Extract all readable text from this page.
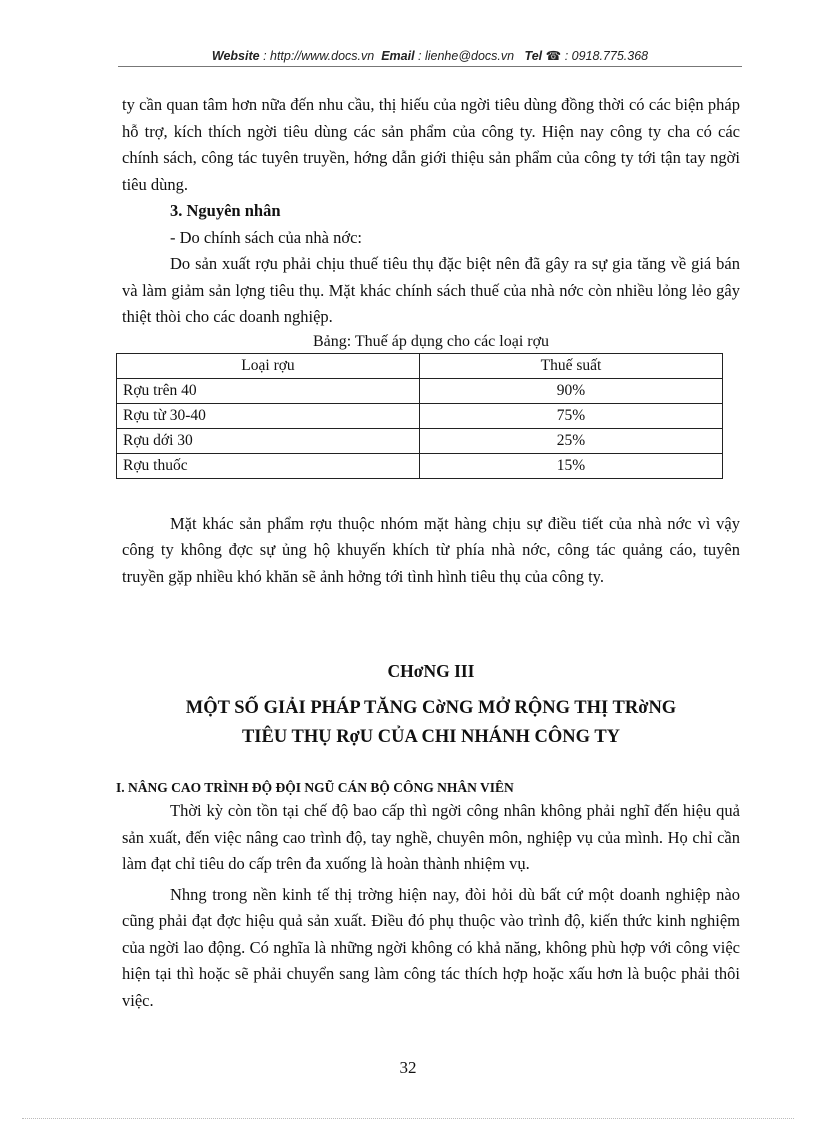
Website : http://www.docs.vn Email : lienhe@docs.vn Tel ☎ : 0918.775.368

ty cần quan tâm hơn nữa đến nhu cầu, thị hiếu của ngời tiêu dùng đồng thời có các biện pháp hỗ trợ, kích thích ngời tiêu dùng các sản phẩm của công ty. Hiện nay công ty cha có các chính sách, công tác tuyên truyền, hớng dẫn giới thiệu sản phẩm của công ty tới tận tay ngời tiêu dùng.

3. Nguyên nhân
- Do chính sách của nhà nớc:

Do sản xuất rợu phải chịu thuế tiêu thụ đặc biệt nên đã gây ra sự gia tăng về giá bán và làm giảm sản lợng tiêu thụ. Mặt khác chính sách thuế của nhà nớc còn nhiều lỏng lẻo gây thiệt thòi cho các doanh nghiệp.

Bảng: Thuế áp dụng cho các loại rợu
Loại rợu	Thuế suất
Rợu trên 40	90%
Rợu từ 30-40	75%
Rợu dới 30	25%
Rợu thuốc	15%

Mặt khác sản phẩm rợu thuộc nhóm mặt hàng chịu sự điều tiết của nhà nớc vì vậy công ty không đợc sự ủng hộ khuyến khích từ phía nhà nớc, công tác quảng cáo, tuyên truyền gặp nhiều khó khăn sẽ ảnh hởng tới tình hình tiêu thụ của công ty.

CHơNG III
MỘT SỐ GIẢI PHÁP TĂNG CờNG MỞ RỘNG THỊ TRờNG
TIÊU THỤ RợU CỦA CHI NHÁNH CÔNG TY
I. NÂNG CAO TRÌNH ĐỘ ĐỘI NGŨ CÁN BỘ CÔNG NHÂN VIÊN

Thời kỳ còn tồn tại chế độ bao cấp thì ngời công nhân không phải nghĩ đến hiệu quả sản xuất, đến việc nâng cao trình độ, tay nghề, chuyên môn, nghiệp vụ của mình. Họ chỉ cần làm đạt chỉ tiêu do cấp trên đa xuống là hoàn thành nhiệm vụ.

Nhng trong nền kinh tế thị trờng hiện nay, đòi hỏi dù bất cứ một doanh nghiệp nào cũng phải đạt đợc hiệu quả sản xuất. Điều đó phụ thuộc vào trình độ, kiến thức kinh nghiệm của ngời lao động. Có nghĩa là những ngời không có khả năng, không phù hợp với công việc hiện tại thì hoặc sẽ phải chuyển sang làm công tác thích hợp hoặc xấu hơn là buộc phải thôi việc.

32
